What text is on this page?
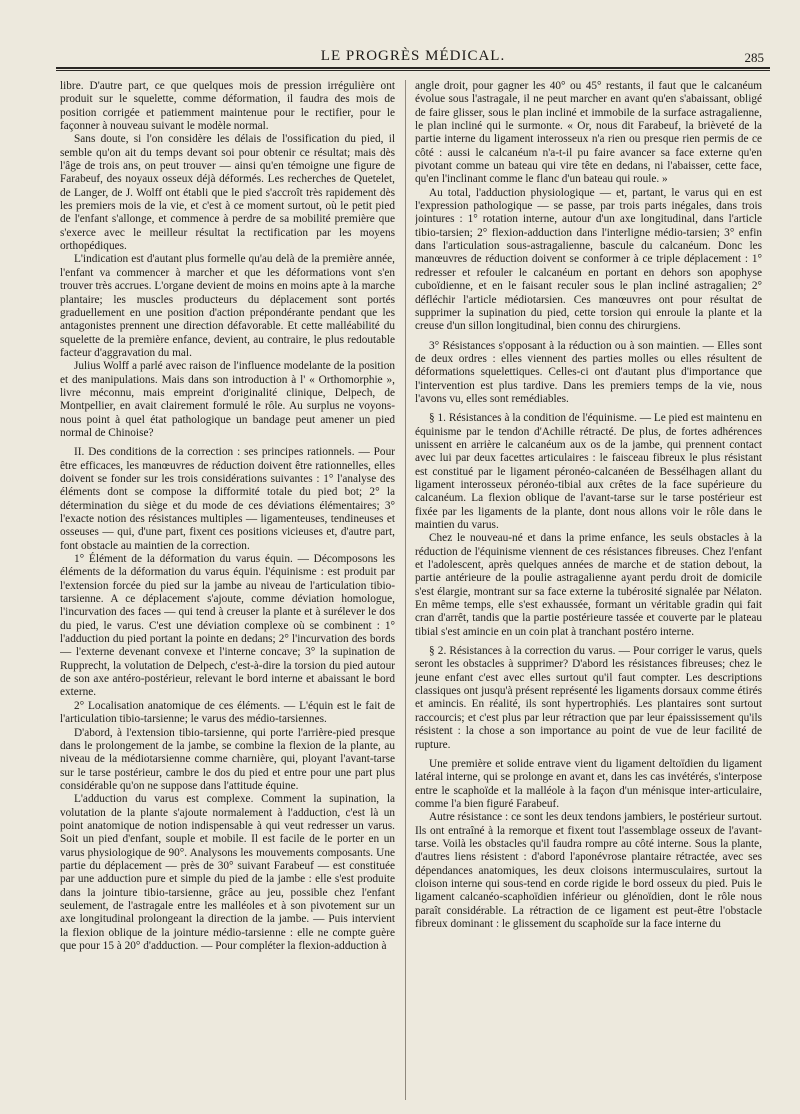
LE PROGRÈS MÉDICAL.	285

libre. D'autre part, ce que quelques mois de pression irrégulière ont produit sur le squelette, comme déformation, il faudra des mois de position corrigée et patiemment maintenue pour le rectifier, pour le façonner à nouveau suivant le modèle normal.

Sans doute, si l'on considère les délais de l'ossification du pied, il semble qu'on ait du temps devant soi pour obtenir ce résultat; mais dès l'âge de trois ans, on peut trouver — ainsi qu'en témoigne une figure de Farabeuf, des noyaux osseux déjà déformés. Les recherches de Quetelet, de Langer, de J. Wolff ont établi que le pied s'accroît très rapidement dès les premiers mois de la vie, et c'est à ce moment surtout, où le petit pied de l'enfant s'allonge, et commence à perdre de sa mobilité première que s'exerce avec le meilleur résultat la rectification par les moyens orthopédiques.

L'indication est d'autant plus formelle qu'au delà de la première année, l'enfant va commencer à marcher et que les déformations vont s'en trouver très accrues. L'organe devient de moins en moins apte à la marche plantaire; les muscles producteurs du déplacement sont portés graduellement en une position d'action prépondérante pendant que les antagonistes prennent une direction défavorable. Et cette malléabilité du squelette de la première enfance, devient, au contraire, le plus redoutable facteur d'aggravation du mal.

Julius Wolff a parlé avec raison de l'influence modelante de la position et des manipulations. Mais dans son introduction à l' « Orthomorphie », livre méconnu, mais empreint d'originalité clinique, Delpech, de Montpellier, en avait clairement formulé le rôle. Au surplus ne voyons-nous point à quel état pathologique un bandage peut amener un pied normal de Chinoise?

II. Des conditions de la correction : ses principes rationnels. — Pour être efficaces, les manœuvres de réduction doivent être rationnelles, elles doivent se fonder sur les trois considérations suivantes : 1° l'analyse des éléments dont se compose la difformité totale du pied bot; 2° la détermination du siège et du mode de ces déviations élémentaires; 3° l'exacte notion des résistances multiples — ligamenteuses, tendineuses et osseuses — qui, d'une part, fixent ces positions vicieuses et, d'autre part, font obstacle au maintien de la correction.

1° Élément de la déformation du varus équin. — Décomposons les éléments de la déformation du varus équin. l'équinisme : est produit par l'extension forcée du pied sur la jambe au niveau de l'articulation tibio-tarsienne. A ce déplacement s'ajoute, comme déviation homologue, l'incurvation des faces — qui tend à creuser la plante et à surélever le dos du pied, le varus. C'est une déviation complexe où se combinent : 1° l'adduction du pied portant la pointe en dedans; 2° l'incurvation des bords — l'externe devenant convexe et l'interne concave; 3° la supination de Rupprecht, la volutation de Delpech, c'est-à-dire la torsion du pied autour de son axe antéro-postérieur, relevant le bord interne et abaissant le bord externe.

2° Localisation anatomique de ces éléments. — L'équin est le fait de l'articulation tibio-tarsienne; le varus des médio-tarsiennes.

D'abord, à l'extension tibio-tarsienne, qui porte l'arrière-pied presque dans le prolongement de la jambe, se combine la flexion de la plante, au niveau de la médiotarsienne comme charnière, qui, ployant l'avant-tarse sur le tarse postérieur, cambre le dos du pied et entre pour une part plus considérable qu'on ne suppose dans l'attitude équine.

L'adduction du varus est complexe. Comment la supination, la volutation de la plante s'ajoute normalement à l'adduction, c'est là un point anatomique de notion indispensable à qui veut redresser un varus. Soit un pied d'enfant, souple et mobile. Il est facile de le porter en un varus physiologique de 90°. Analysons les mouvements composants. Une partie du déplacement — près de 30° suivant Farabeuf — est constituée par une adduction pure et simple du pied de la jambe : elle s'est produite dans la jointure tibio-tarsienne, grâce au jeu, possible chez l'enfant seulement, de l'astragale entre les malléoles et à son pivotement sur un axe longitudinal prolongeant la direction de la jambe. — Puis intervient la flexion oblique de la jointure médio-tarsienne : elle ne compte guère que pour 15 à 20° d'adduction. — Pour compléter la flexion-adduction à

angle droit, pour gagner les 40° ou 45° restants, il faut que le calcanéum évolue sous l'astragale, il ne peut marcher en avant qu'en s'abaissant, obligé de faire glisser, sous le plan incliné et immobile de la surface astragalienne, le plan incliné qui le surmonte. « Or, nous dit Farabeuf, la brièveté de la partie interne du ligament interosseux n'a rien ou presque rien permis de ce côté : aussi le calcanéum n'a-t-il pu faire avancer sa face externe qu'en pivotant comme un bateau qui vire tête en dedans, ni l'abaisser, cette face, qu'en l'inclinant comme le flanc d'un bateau qui roule. »

Au total, l'adduction physiologique — et, partant, le varus qui en est l'expression pathologique — se passe, par trois parts inégales, dans trois jointures : 1° rotation interne, autour d'un axe longitudinal, dans l'article tibio-tarsien; 2° flexion-adduction dans l'interligne médio-tarsien; 3° enfin dans l'articulation sous-astragalienne, bascule du calcanéum. Donc les manœuvres de réduction doivent se conformer à ce triple déplacement : 1° redresser et refouler le calcanéum en portant en dehors son apophyse cuboïdienne, et en le faisant reculer sous le plan incliné astragalien; 2° défléchir l'article médiotarsien. Ces manœuvres ont pour résultat de supprimer la supination du pied, cette torsion qui enroule la plante et la creuse d'un sillon longitudinal, bien connu des chirurgiens.

3° Résistances s'opposant à la réduction ou à son maintien. — Elles sont de deux ordres : elles viennent des parties molles ou elles résultent de déformations squelettiques. Celles-ci ont d'autant plus d'importance que l'intervention est plus tardive. Dans les premiers temps de la vie, nous l'avons vu, elles sont remédiables.

§ 1. Résistances à la condition de l'équinisme. — Le pied est maintenu en équinisme par le tendon d'Achille rétracté. De plus, de fortes adhérences unissent en arrière le calcanéum aux os de la jambe, qui prennent contact avec lui par deux facettes articulaires : le faisceau fibreux le plus résistant est constitué par le ligament péronéo-calcanéen de Bessélhagen allant du ligament interosseux péronéo-tibial aux crêtes de la face supérieure du calcanéum. La flexion oblique de l'avant-tarse sur le tarse postérieur est fixée par les ligaments de la plante, dont nous allons voir le rôle dans le maintien du varus.

Chez le nouveau-né et dans la prime enfance, les seuls obstacles à la réduction de l'équinisme viennent de ces résistances fibreuses. Chez l'enfant et l'adolescent, après quelques années de marche et de station debout, la partie antérieure de la poulie astragalienne ayant perdu droit de domicile s'est élargie, montrant sur sa face externe la tubérosité signalée par Nélaton. En même temps, elle s'est exhaussée, formant un véritable gradin qui fait cran d'arrêt, tandis que la partie postérieure tassée et couverte par le plateau tibial s'est amincie en un coin plat à tranchant postéro interne.

§ 2. Résistances à la correction du varus. — Pour corriger le varus, quels seront les obstacles à supprimer? D'abord les résistances fibreuses; chez le jeune enfant c'est avec elles surtout qu'il faut compter. Les descriptions classiques ont jusqu'à présent représenté les ligaments dorsaux comme étirés et amincis. En réalité, ils sont hypertrophiés. Les plantaires sont surtout raccourcis; et c'est plus par leur rétraction que par leur épaississement qu'ils résistent : la chose a son importance au point de vue de leur facilité de rupture.

Une première et solide entrave vient du ligament deltoïdien du ligament latéral interne, qui se prolonge en avant et, dans les cas invétérés, s'interpose entre le scaphoïde et la malléole à la façon d'un ménisque inter-articulaire, comme l'a bien figuré Farabeuf.

Autre résistance : ce sont les deux tendons jambiers, le postérieur surtout. Ils ont entraîné à la remorque et fixent tout l'assemblage osseux de l'avant-tarse. Voilà les obstacles qu'il faudra rompre au côté interne. Sous la plante, d'autres liens résistent : d'abord l'aponévrose plantaire rétractée, avec ses dépendances anatomiques, les deux cloisons intermusculaires, surtout la cloison interne qui sous-tend en corde rigide le bord osseux du pied. Puis le ligament calcanéo-scaphoïdien inférieur ou glénoïdien, dont le rôle nous paraît considérable. La rétraction de ce ligament est peut-être l'obstacle fibreux dominant : le glissement du scaphoïde sur la face interne du
